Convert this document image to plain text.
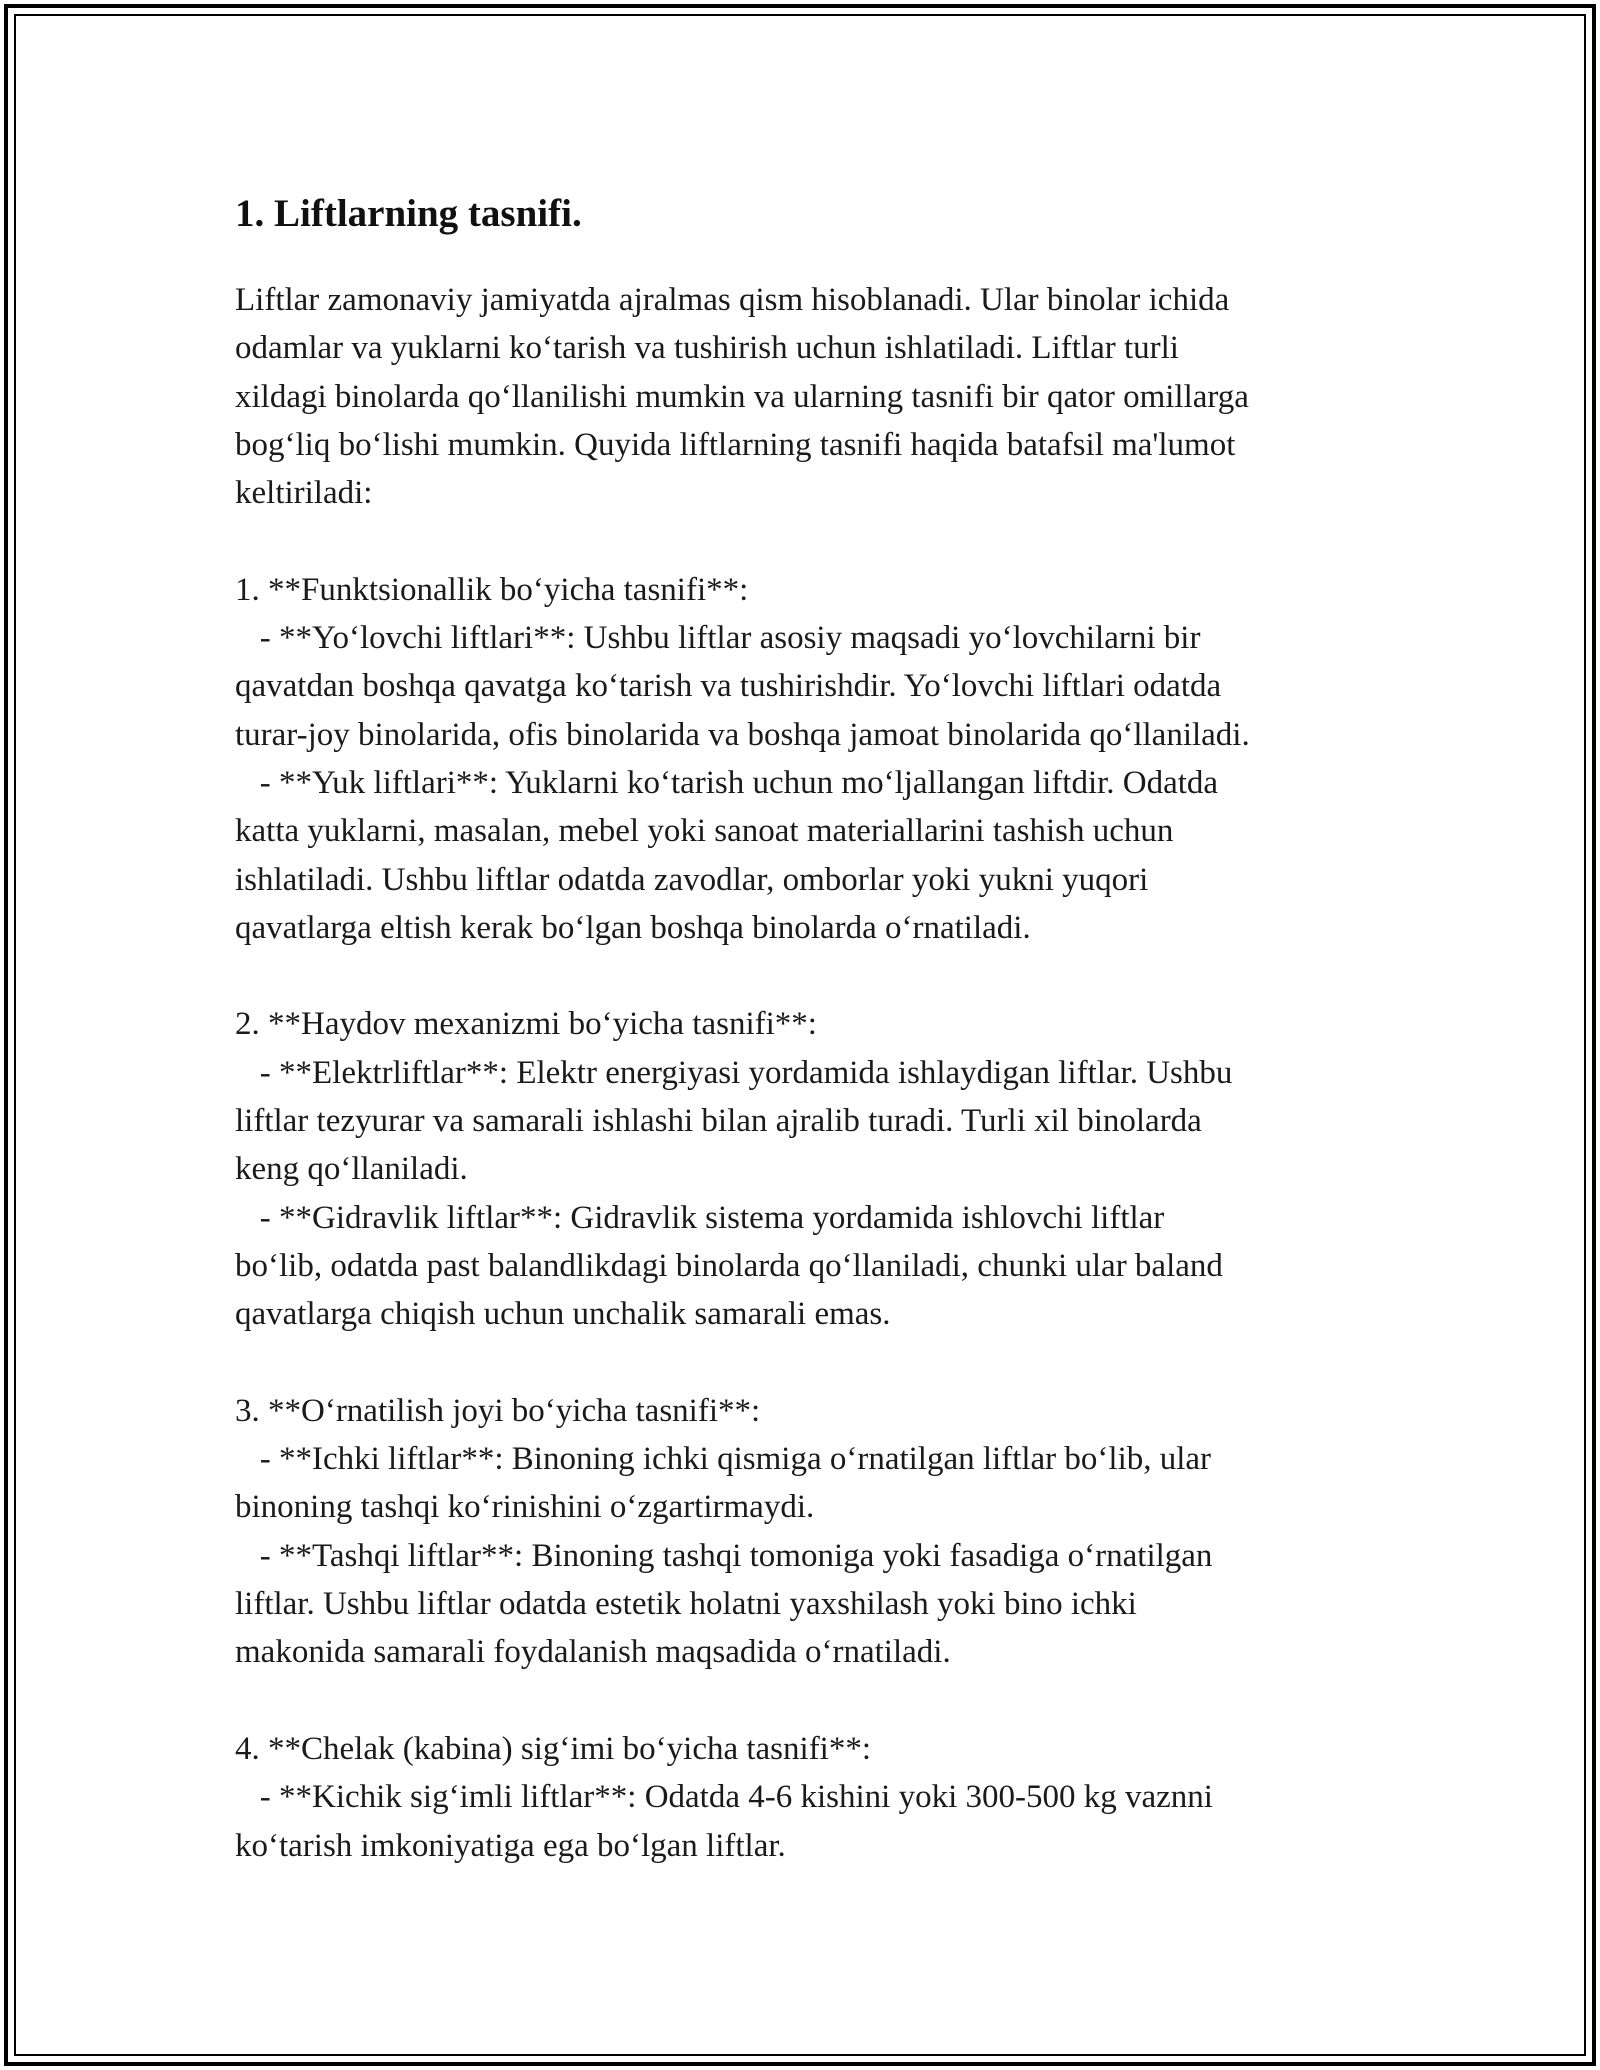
1. Liftlarning tasnifi.
Liftlar zamonaviy jamiyatda ajralmas qism hisoblanadi. Ular binolar ichida
odamlar va yuklarni ko‘tarish va tushirish uchun ishlatiladi. Liftlar turli
xildagi binolarda qo‘llanilishi mumkin va ularning tasnifi bir qator omillarga
bog‘liq bo‘lishi mumkin. Quyida liftlarning tasnifi haqida batafsil ma'lumot
keltiriladi:
1. **Funktsionallik bo‘yicha tasnifi**:
- **Yo‘lovchi liftlari**: Ushbu liftlar asosiy maqsadi yo‘lovchilarni bir
qavatdan boshqa qavatga ko‘tarish va tushirishdir. Yo‘lovchi liftlari odatda
turar-joy binolarida, ofis binolarida va boshqa jamoat binolarida qo‘llaniladi.
- **Yuk liftlari**: Yuklarni ko‘tarish uchun mo‘ljallangan liftdir. Odatda
katta yuklarni, masalan, mebel yoki sanoat materiallarini tashish uchun
ishlatiladi. Ushbu liftlar odatda zavodlar, omborlar yoki yukni yuqori
qavatlarga eltish kerak bo‘lgan boshqa binolarda o‘rnatiladi.
2. **Haydov mexanizmi bo‘yicha tasnifi**:
- **Elektrliftlar**: Elektr energiyasi yordamida ishlaydigan liftlar. Ushbu
liftlar tezyurar va samarali ishlashi bilan ajralib turadi. Turli xil binolarda
keng qo‘llaniladi.
- **Gidravlik liftlar**: Gidravlik sistema yordamida ishlovchi liftlar
bo‘lib, odatda past balandlikdagi binolarda qo‘llaniladi, chunki ular baland
qavatlarga chiqish uchun unchalik samarali emas.
3. **O‘rnatilish joyi bo‘yicha tasnifi**:
- **Ichki liftlar**: Binoning ichki qismiga o‘rnatilgan liftlar bo‘lib, ular
binoning tashqi ko‘rinishini o‘zgartirmaydi.
- **Tashqi liftlar**: Binoning tashqi tomoniga yoki fasadiga o‘rnatilgan
liftlar. Ushbu liftlar odatda estetik holatni yaxshilash yoki bino ichki
makonida samarali foydalanish maqsadida o‘rnatiladi.
4. **Chelak (kabina) sig‘imi bo‘yicha tasnifi**:
- **Kichik sig‘imli liftlar**: Odatda 4-6 kishini yoki 300-500 kg vaznni
ko‘tarish imkoniyatiga ega bo‘lgan liftlar.
